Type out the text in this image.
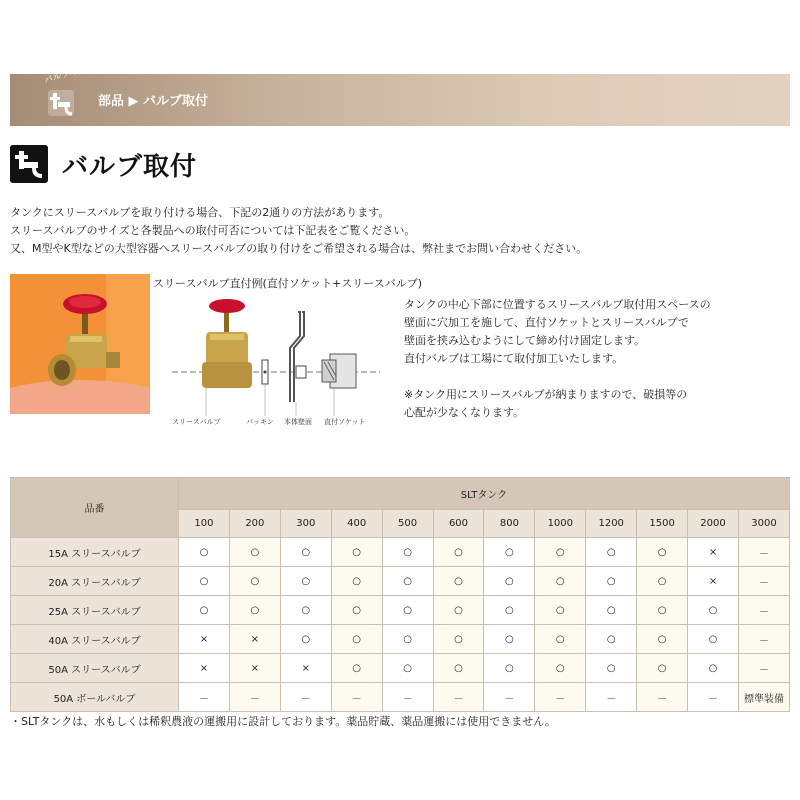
バルブ取付
部品 ▶ バルブ取付
バルブ取付
タンクにスリースバルブを取り付ける場合、下記の2通りの方法があります。
スリースバルブのサイズと各製品への取付可否については下記表をご覧ください。
又、M型やK型などの大型容器へスリースバルブの取り付けをご希望される場合は、弊社までお問い合わせください。
スリースバルブ直付例(直付ソケット+スリースバルブ)
スリースバルブ	パッキン 本体壁面 直付ソケット
タンクの中心下部に位置するスリースバルブ取付用スペースの
壁面に穴加工を施して、直付ソケットとスリースバルブで
壁面を挟み込むようにして締め付け固定します。
直付バルブは工場にて取付加工いたします。
※タンク用にスリースバルブが納まりますので、破損等の
心配が少なくなります。
品番	SLTタンク											
	100	200	300	400	500	600	800	1000	1200	1500	2000	3000
15A スリースバルブ	○	○	○	○	○	○	○	○	○	○	×	－
20A スリースバルブ	○	○	○	○	○	○	○	○	○	○	×	－
25A スリースバルブ	○	○	○	○	○	○	○	○	○	○	○	－
40A スリースバルブ	×	×	○	○	○	○	○	○	○	○	○	－
50A スリースバルブ	×	×	×	○	○	○	○	○	○	○	○	－
50A ボールバルブ	－	－	－	－	－	－	－	－	－	－	－	標準装備
・SLTタンクは、水もしくは稀釈農液の運搬用に設計しております。薬品貯蔵、薬品運搬には使用できません。
